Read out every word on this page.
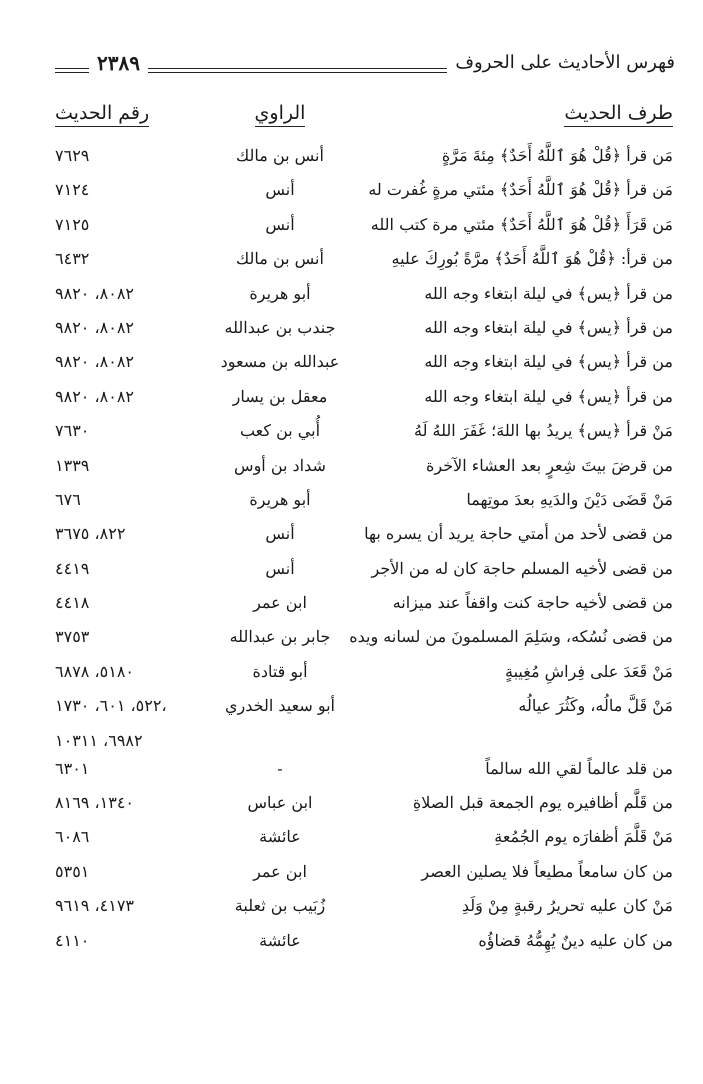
فهرس الأحاديث على الحروف
٢٣٨٩
طرف الحديث
الراوي
رقم الحديث
مَن قرأ ﴿قُلْ هُوَ ٱللَّهُ أَحَدٌ﴾ مِئةَ مَرَّةٍ
أنس بن مالك
٧٦٢٩
مَن قرأ ﴿قُلْ هُوَ ٱللَّهُ أَحَدٌ﴾ مئتي مرةٍ غُفرت له
أنس
٧١٢٤
مَن قَرَأَ ﴿قُلْ هُوَ ٱللَّهُ أَحَدٌ﴾ مئتي مرة كتب الله
أنس
٧١٢٥
من قرأ: ﴿قُلْ هُوَ ٱللَّهُ أَحَدٌ﴾ مرَّةً بُورِكَ عليهِ
أنس بن مالك
٦٤٣٢
من قرأ ﴿يس﴾ في ليلة ابتغاء وجه الله
أبو هريرة
٨٠٨٢، ٩٨٢٠
من قرأ ﴿يس﴾ في ليلة ابتغاء وجه الله
جندب بن عبدالله
٨٠٨٢، ٩٨٢٠
من قرأ ﴿يس﴾ في ليلة ابتغاء وجه الله
عبدالله بن مسعود
٨٠٨٢، ٩٨٢٠
من قرأ ﴿يس﴾ في ليلة ابتغاء وجه الله
معقل بن يسار
٨٠٨٢، ٩٨٢٠
مَنْ قرأ ﴿يس﴾ يريدُ بها اللهَ؛ غَفَرَ اللهُ لَهُ
أُبي بن كعب
٧٦٣٠
من قرضَ بيتَ شِعرٍ بعد العشاء الآخرة
شداد بن أوس
١٣٣٩
مَنْ قَضَى دَيْنَ والدَيهِ بعدَ موتِهما
أبو هريرة
٦٧٦
من قضى لأحد من أمتي حاجة يريد أن يسره بها
أنس
٨٢٢، ٣٦٧٥
من قضى لأخيه المسلم حاجة كان له من الأجر
أنس
٤٤١٩
من قضى لأخيه حاجة كنت واقفاً عند ميزانه
ابن عمر
٤٤١٨
من قضى نُسُكه، وسَلِمَ المسلمونَ من لسانه ويده
جابر بن عبدالله
٣٧٥٣
مَنْ قَعَدَ على فِراشِ مُغِيبةٍ
أبو قتادة
٥١٨٠، ٦٨٧٨
مَنْ قَلَّ مالُه، وكَثُرَ عيالُه
أبو سعيد الخدري
٥٢٢، ٦٠١، ١٧٣٠،
٦٩٨٢، ١٠٣١١
من قلد عالماً لقي الله سالماً
-
٦٣٠١
من قَلَّم أظافيره يوم الجمعة قبل الصلاةِ
ابن عباس
١٣٤٠، ٨١٦٩
مَنْ قَلَّمَ أظفارَه يوم الجُمُعةِ
عائشة
٦٠٨٦
من كان سامعاً مطيعاً فلا يصلين العصر
ابن عمر
٥٣٥١
مَنْ كان عليه تحريرُ رقبةٍ مِنْ وَلَدِ
زُبَيب بن ثعلبة
٤١٧٣، ٩٦١٩
من كان عليه دينٌ يُهِمُّهُ قضاؤُه
عائشة
٤١١٠
